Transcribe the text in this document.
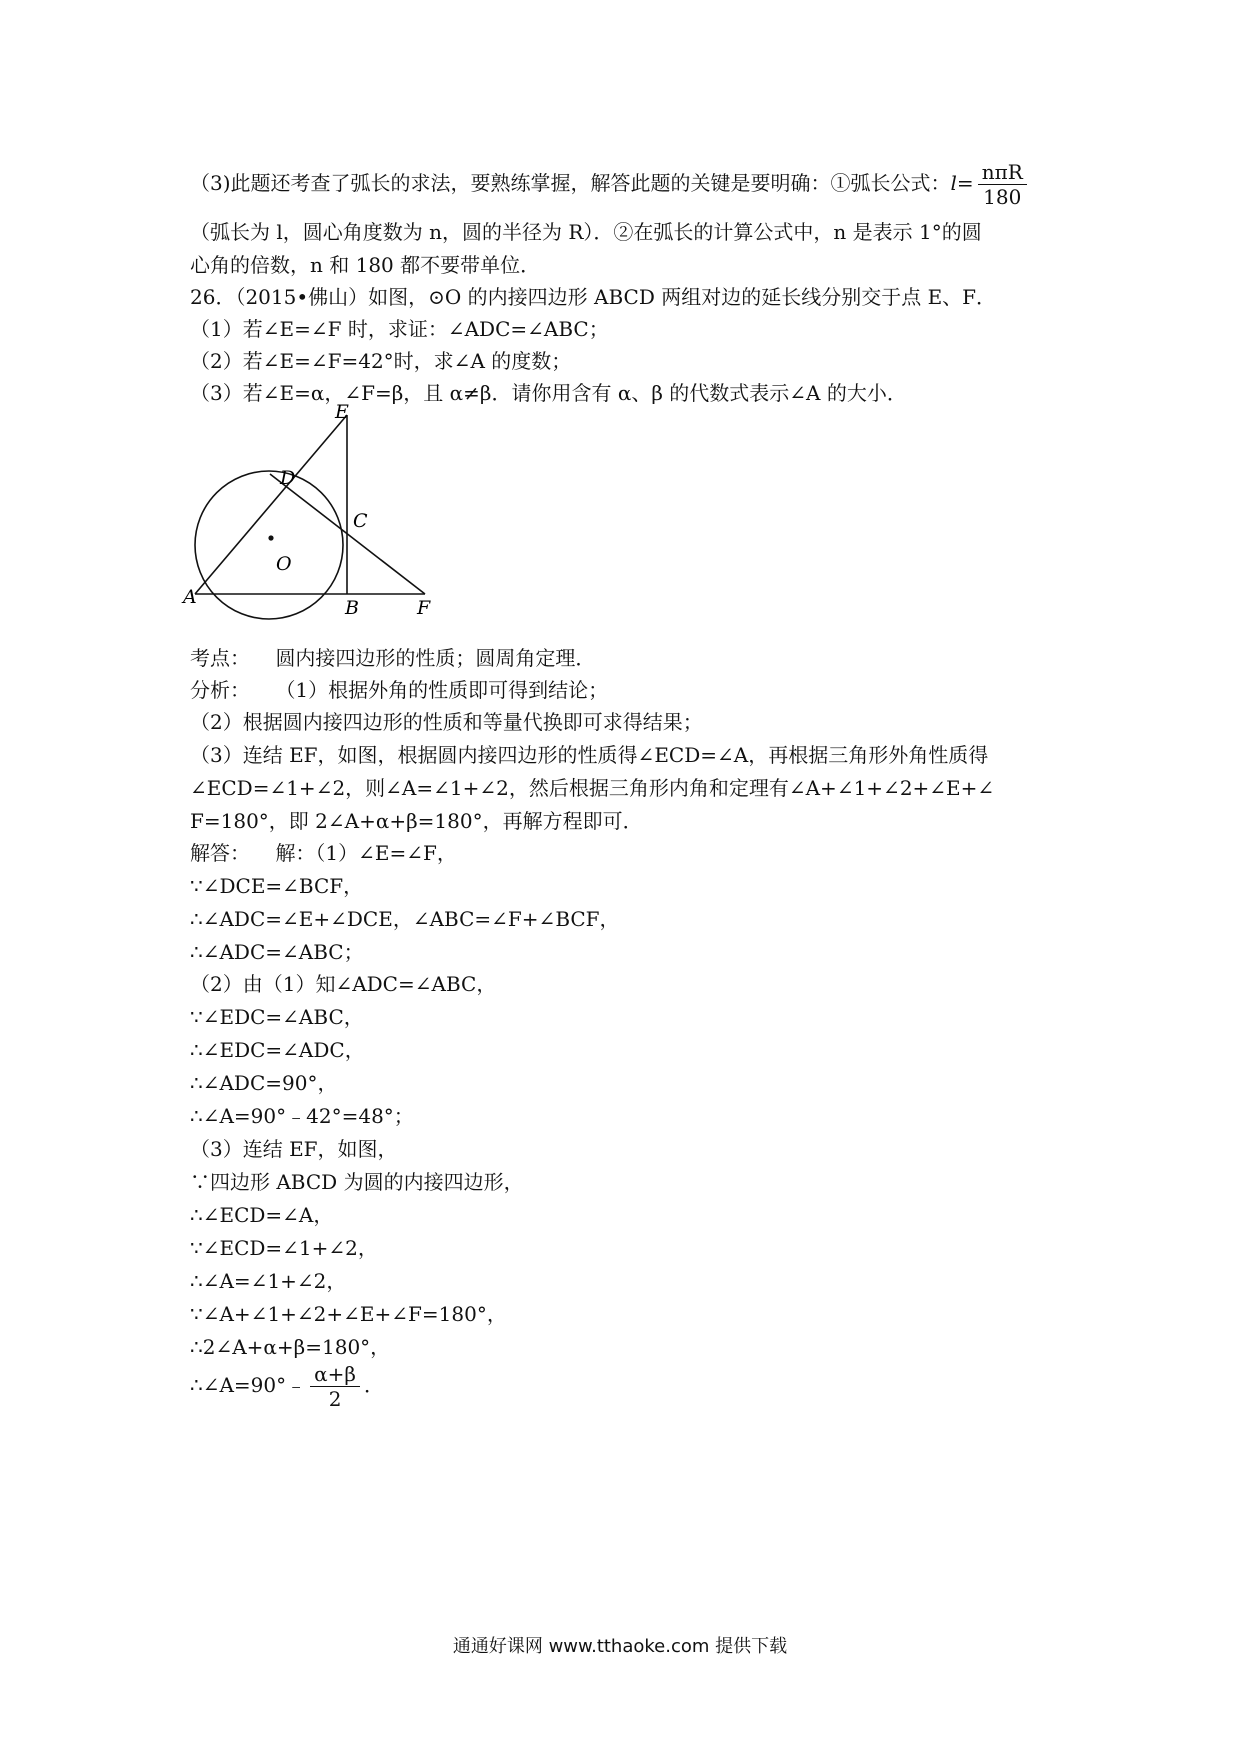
（3)此题还考查了弧长的求法，要熟练掌握，解答此题的关键是要明确：①弧长公式：$l= \frac{\text{nπR}}{180}$
（弧长为 l，圆心角度数为 n，圆的半径为 R）．②在弧长的计算公式中，n 是表示 1°的圆
心角的倍数，n 和 180 都不要带单位．
26．（2015•佛山）如图，⊙O 的内接四边形 ABCD 两组对边的延长线分别交于点 E、F．
（1）若∠E=∠F 时，求证：∠ADC=∠ABC；
（2）若∠E=∠F=42°时，求∠A 的度数；
（3）若∠E=α，∠F=β，且 α≠β．请你用含有 α、β 的代数式表示∠A 的大小．
E
D
C
O
A	B	F
考点： 圆内接四边形的性质；圆周角定理．
分析： （1）根据外角的性质即可得到结论；
（2）根据圆内接四边形的性质和等量代换即可求得结果；
（3）连结 EF，如图，根据圆内接四边形的性质得∠ECD=∠A，再根据三角形外角性质得
∠ECD=∠1+∠2，则∠A=∠1+∠2，然后根据三角形内角和定理有∠A+∠1+∠2+∠E+∠
F=180°，即 2∠A+α+β=180°，再解方程即可．
解答： 解：（1）∠E=∠F，
∵∠DCE=∠BCF，
∴∠ADC=∠E+∠DCE，∠ABC=∠F+∠BCF，
∴∠ADC=∠ABC；
（2）由（1）知∠ADC=∠ABC，
∵∠EDC=∠ABC，
∴∠EDC=∠ADC，
∴∠ADC=90°，
∴∠A=90°﹣42°=48°；
（3）连结 EF，如图，
∵四边形 ABCD 为圆的内接四边形，
∴∠ECD=∠A，
∵∠ECD=∠1+∠2，
∴∠A=∠1+∠2，
∵∠A+∠1+∠2+∠E+∠F=180°，
∴2∠A+α+β=180°，
∴∠A=90°﹣ $\frac{\alpha+\beta}{2}$ ．
通通好课网 www.tthaoke.com 提供下载
